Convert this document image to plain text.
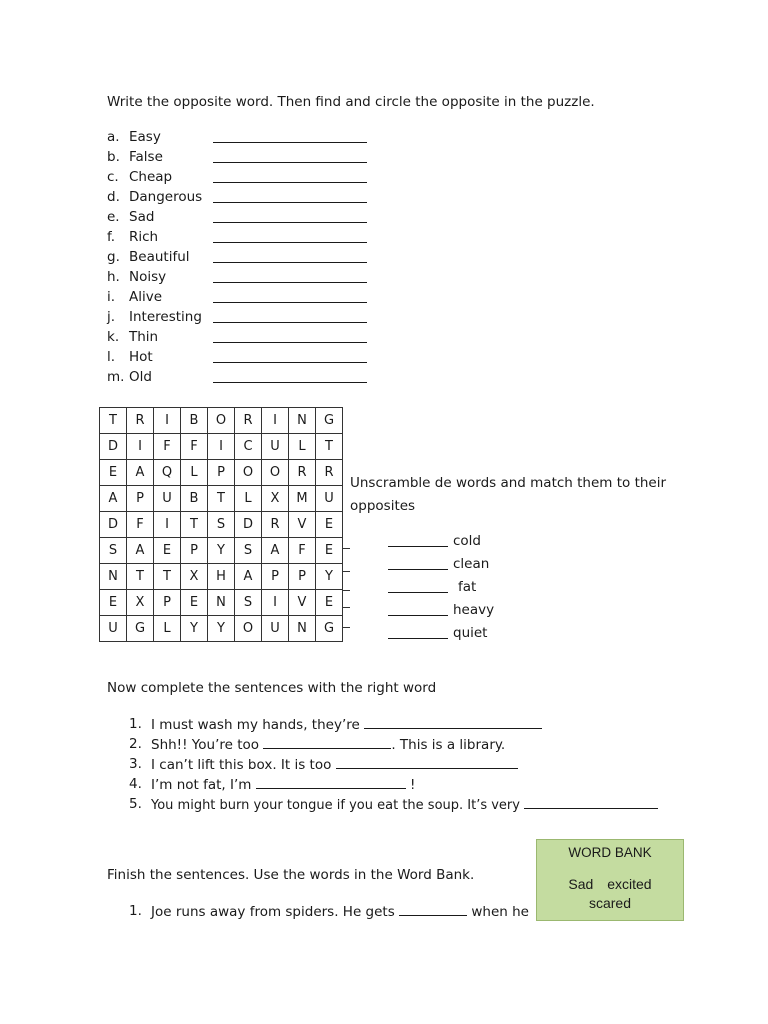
Write the opposite word. Then find and circle the opposite in the puzzle.
a. Easy
b. False
c. Cheap
d. Dangerous
e. Sad
f. Rich
g. Beautiful
h. Noisy
i. Alive
j. Interesting
k. Thin
l. Hot
m. Old
T	R	I	B	O	R	I	N	G
D	I	F	F	I	C	U	L	T
E	A	Q	L	P	O	O	R	R
A	P	U	B	T	L	X	M	U
D	F	I	T	S	D	R	V	E
S	A	E	P	Y	S	A	F	E
N	T	T	X	H	A	P	P	Y
E	X	P	E	N	S	I	V	E
U	G	L	Y	Y	O	U	N	G
Unscramble de words and match them to their
opposites
cold
clean
fat
heavy
quiet
Now complete the sentences with the right word
1. I must wash my hands, they’re
2. Shh!! You’re too	. This is a library.
3. I can’t lift this box. It is too
4. I’m not fat, I’m	!
5. You might burn your tongue if you eat the soup. It’s very
Finish the sentences. Use the words in the Word Bank.
1. Joe runs away from spiders. He gets	when he
WORD BANK
Sad excited
scared
